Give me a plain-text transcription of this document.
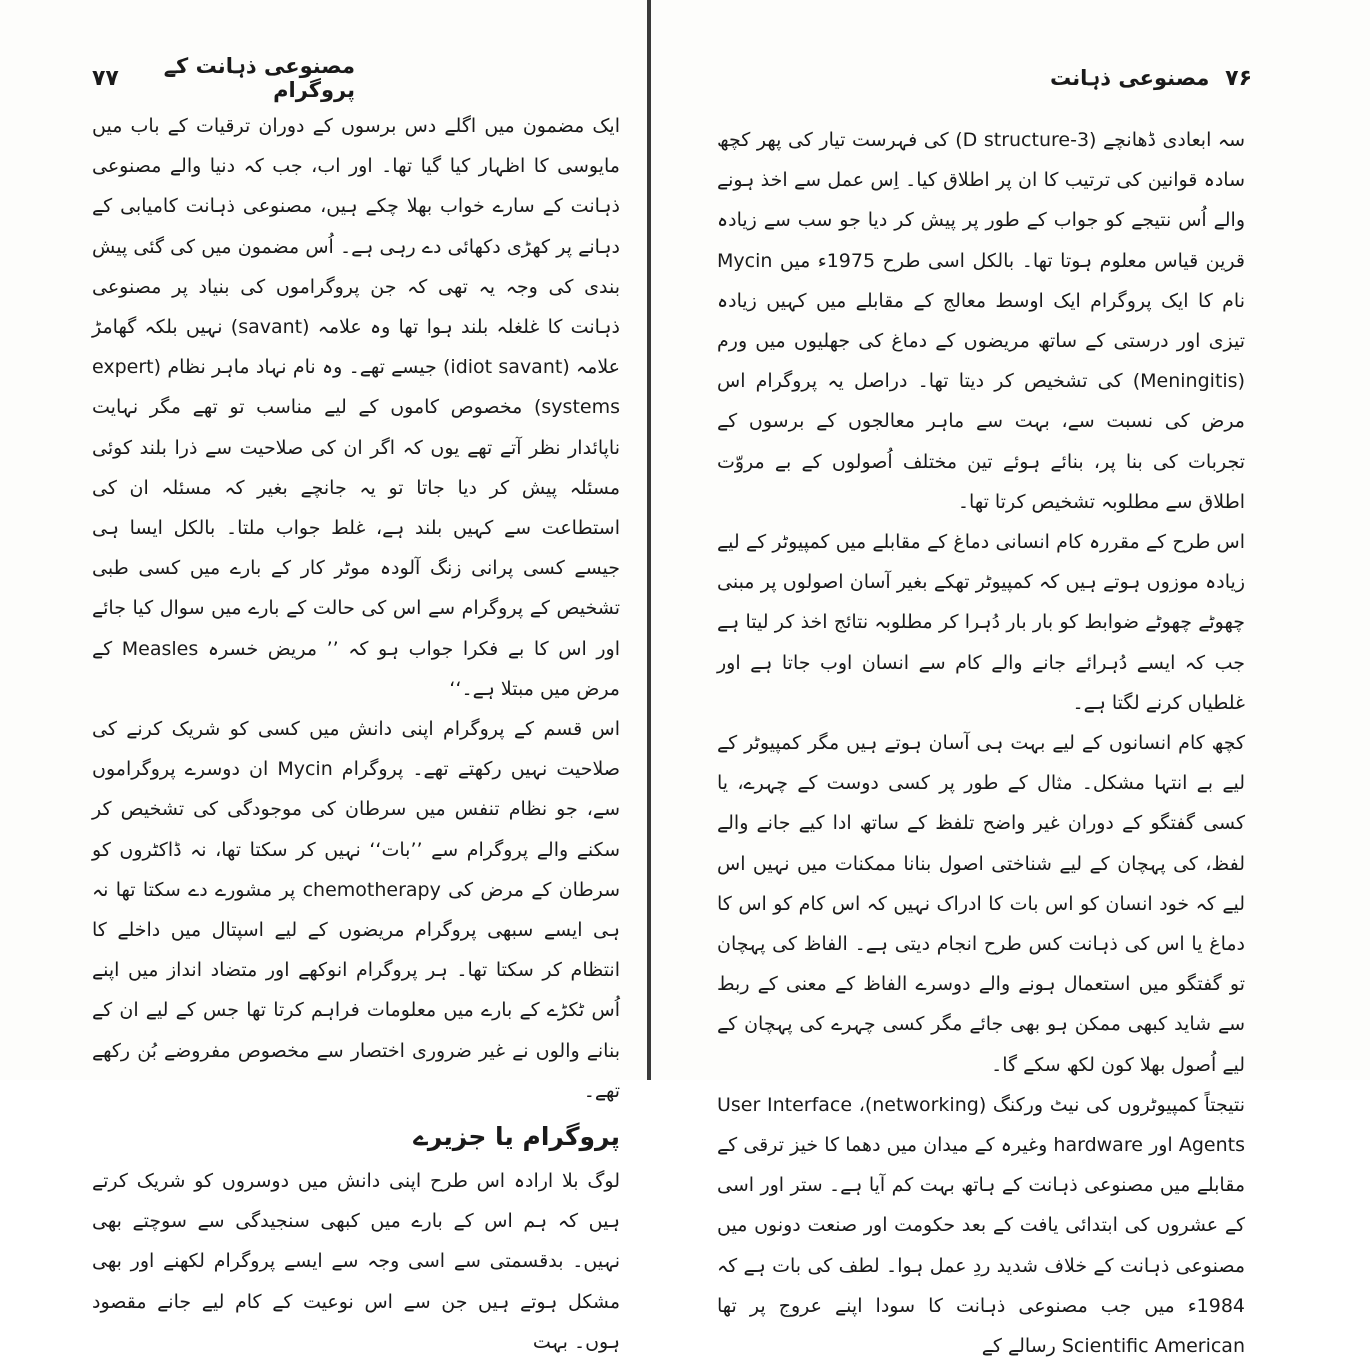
مصنوعی ذہانت کے پروگرام
۷۷

ایک مضمون میں اگلے دس برسوں کے دوران ترقیات کے باب میں مایوسی کا اظہار کیا گیا تھا۔ اور اب، جب کہ دنیا والے مصنوعی ذہانت کے سارے خواب بھلا چکے ہیں، مصنوعی ذہانت کامیابی کے دہانے پر کھڑی دکھائی دے رہی ہے۔ اُس مضمون میں کی گئی پیش بندی کی وجہ یہ تھی کہ جن پروگراموں کی بنیاد پر مصنوعی ذہانت کا غلغلہ بلند ہوا تھا وہ علامہ (savant) نہیں بلکہ گھامڑ علامہ (idiot savant) جیسے تھے۔ وہ نام نہاد ماہر نظام (expert systems) مخصوص کاموں کے لیے مناسب تو تھے مگر نہایت ناپائدار نظر آتے تھے یوں کہ اگر ان کی صلاحیت سے ذرا بلند کوئی مسئلہ پیش کر دیا جاتا تو یہ جانچے بغیر کہ مسئلہ ان کی استطاعت سے کہیں بلند ہے، غلط جواب ملتا۔ بالکل ایسا ہی جیسے کسی پرانی زنگ آلودہ موٹر کار کے بارے میں کسی طبی تشخیص کے پروگرام سے اس کی حالت کے بارے میں سوال کیا جائے اور اس کا بے فکرا جواب ہو کہ ’’ مریض خسرہ Measles کے مرض میں مبتلا ہے۔‘‘

اس قسم کے پروگرام اپنی دانش میں کسی کو شریک کرنے کی صلاحیت نہیں رکھتے تھے۔ پروگرام Mycin ان دوسرے پروگراموں سے، جو نظام تنفس میں سرطان کی موجودگی کی تشخیص کر سکنے والے پروگرام سے ’’بات‘‘ نہیں کر سکتا تھا، نہ ڈاکٹروں کو سرطان کے مرض کی chemotherapy پر مشورے دے سکتا تھا نہ ہی ایسے سبھی پروگرام مریضوں کے لیے اسپتال میں داخلے کا انتظام کر سکتا تھا۔ ہر پروگرام انوکھے اور متضاد انداز میں اپنے اُس ٹکڑے کے بارے میں معلومات فراہم کرتا تھا جس کے لیے ان کے بنانے والوں نے غیر ضروری اختصار سے مخصوص مفروضے بُن رکھے تھے۔

پروگرام یا جزیرے

لوگ بلا ارادہ اس طرح اپنی دانش میں دوسروں کو شریک کرتے ہیں کہ ہم اس کے بارے میں کبھی سنجیدگی سے سوچتے بھی نہیں۔ بدقسمتی سے اسی وجہ سے ایسے پروگرام لکھنے اور بھی مشکل ہوتے ہیں جن سے اس نوعیت کے کام لیے جانے مقصود ہوں۔ بہت

۷۶
مصنوعی ذہانت

سہ ابعادی ڈھانچے (3-D structure) کی فہرست تیار کی پھر کچھ سادہ قوانین کی ترتیب کا ان پر اطلاق کیا۔ اِس عمل سے اخذ ہونے والے اُس نتیجے کو جواب کے طور پر پیش کر دیا جو سب سے زیادہ قرین قیاس معلوم ہوتا تھا۔ بالکل اسی طرح 1975ء میں Mycin نام کا ایک پروگرام ایک اوسط معالج کے مقابلے میں کہیں زیادہ تیزی اور درستی کے ساتھ مریضوں کے دماغ کی جھلیوں میں ورم (Meningitis) کی تشخیص کر دیتا تھا۔ دراصل یہ پروگرام اس مرض کی نسبت سے، بہت سے ماہر معالجوں کے برسوں کے تجربات کی بنا پر، بنائے ہوئے تین مختلف اُصولوں کے بے مروّت اطلاق سے مطلوبہ تشخیص کرتا تھا۔

اس طرح کے مقررہ کام انسانی دماغ کے مقابلے میں کمپیوٹر کے لیے زیادہ موزوں ہوتے ہیں کہ کمپیوٹر تھکے بغیر آسان اصولوں پر مبنی چھوٹے چھوٹے ضوابط کو بار بار دُہرا کر مطلوبہ نتائج اخذ کر لیتا ہے جب کہ ایسے دُہرائے جانے والے کام سے انسان اوب جاتا ہے اور غلطیاں کرنے لگتا ہے۔

کچھ کام انسانوں کے لیے بہت ہی آسان ہوتے ہیں مگر کمپیوٹر کے لیے بے انتہا مشکل۔ مثال کے طور پر کسی دوست کے چہرے، یا کسی گفتگو کے دوران غیر واضح تلفظ کے ساتھ ادا کیے جانے والے لفظ، کی پہچان کے لیے شناختی اصول بنانا ممکنات میں نہیں اس لیے کہ خود انسان کو اس بات کا ادراک نہیں کہ اس کام کو اس کا دماغ یا اس کی ذہانت کس طرح انجام دیتی ہے۔ الفاظ کی پہچان تو گفتگو میں استعمال ہونے والے دوسرے الفاظ کے معنی کے ربط سے شاید کبھی ممکن ہو بھی جائے مگر کسی چہرے کی پہچان کے لیے اُصول بھلا کون لکھ سکے گا۔

نتیجتاً کمپیوٹروں کی نیٹ ورکنگ (networking)، User Interface Agents اور hardware وغیرہ کے میدان میں دھما کا خیز ترقی کے مقابلے میں مصنوعی ذہانت کے ہاتھ بہت کم آیا ہے۔ ستر اور اسی کے عشروں کی ابتدائی یافت کے بعد حکومت اور صنعت دونوں میں مصنوعی ذہانت کے خلاف شدید ردِ عمل ہوا۔ لطف کی بات ہے کہ 1984ء میں جب مصنوعی ذہانت کا سودا اپنے عروج پر تھا Scientific American رسالے کے
